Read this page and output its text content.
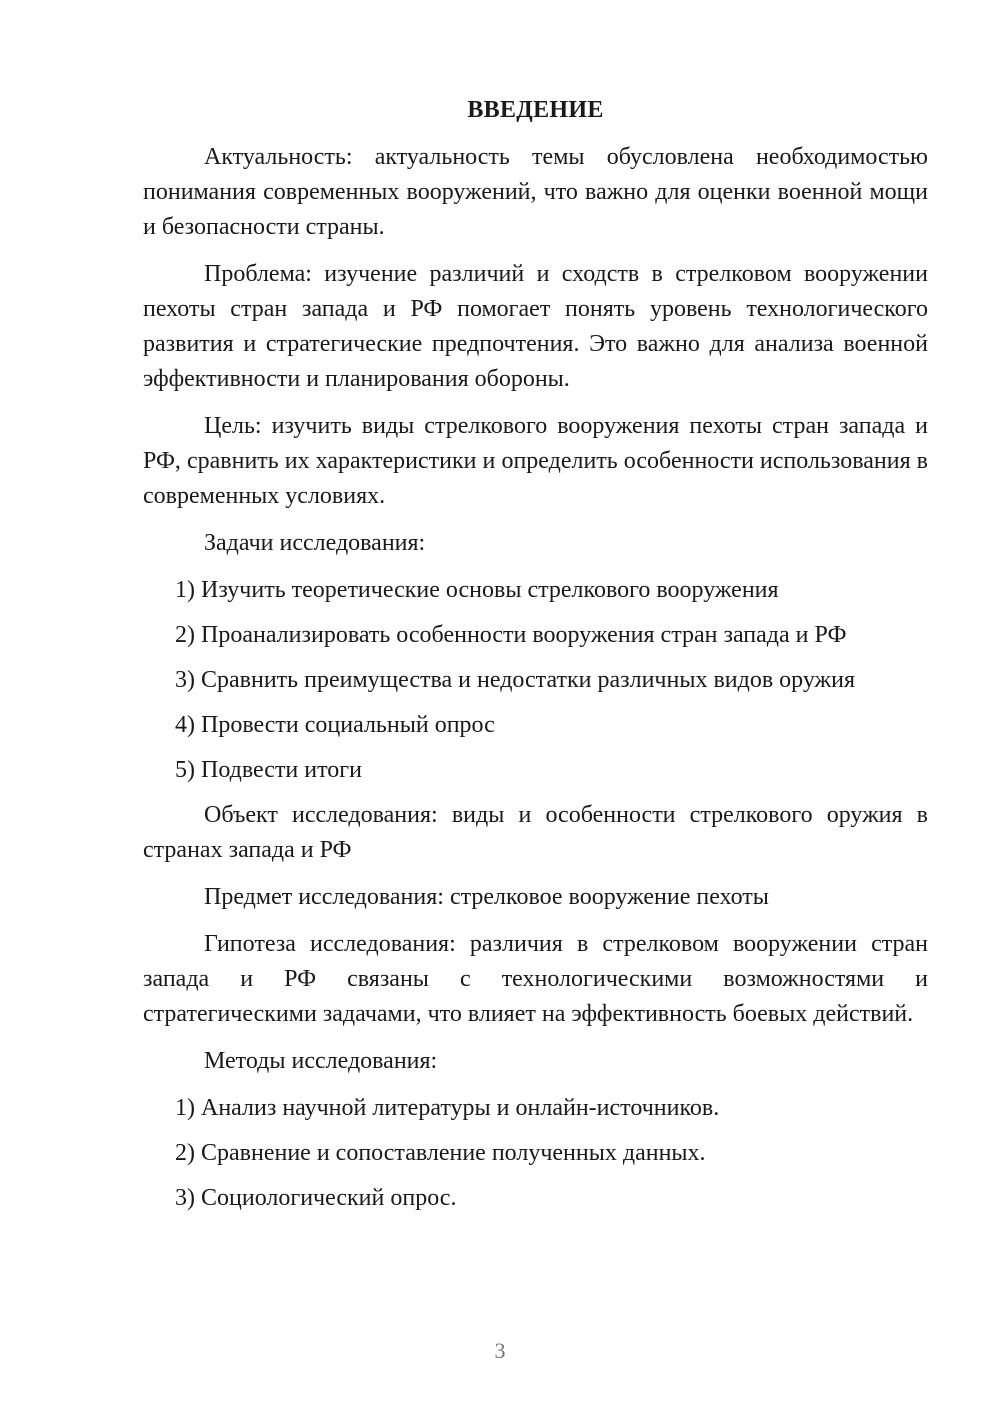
ВВЕДЕНИЕ

Актуальность: актуальность темы обусловлена необходимостью понимания современных вооружений, что важно для оценки военной мощи и безопасности страны.

Проблема: изучение различий и сходств в стрелковом вооружении пехоты стран запада и РФ помогает понять уровень технологического развития и стратегические предпочтения. Это важно для анализа военной эффективности и планирования обороны.

Цель: изучить виды стрелкового вооружения пехоты стран запада и РФ, сравнить их характеристики и определить особенности использования в современных условиях.

Задачи исследования:

1) Изучить теоретические основы стрелкового вооружения
2) Проанализировать особенности вооружения стран запада и РФ
3) Сравнить преимущества и недостатки различных видов оружия
4) Провести социальный опрос
5) Подвести итоги

Объект исследования: виды и особенности стрелкового оружия в странах запада и РФ

Предмет исследования: стрелковое вооружение пехоты

Гипотеза исследования: различия в стрелковом вооружении стран запада и РФ связаны с технологическими возможностями и стратегическими задачами, что влияет на эффективность боевых действий.

Методы исследования:

1) Анализ научной литературы и онлайн-источников.
2) Сравнение и сопоставление полученных данных.
3) Социологический опрос.
3
